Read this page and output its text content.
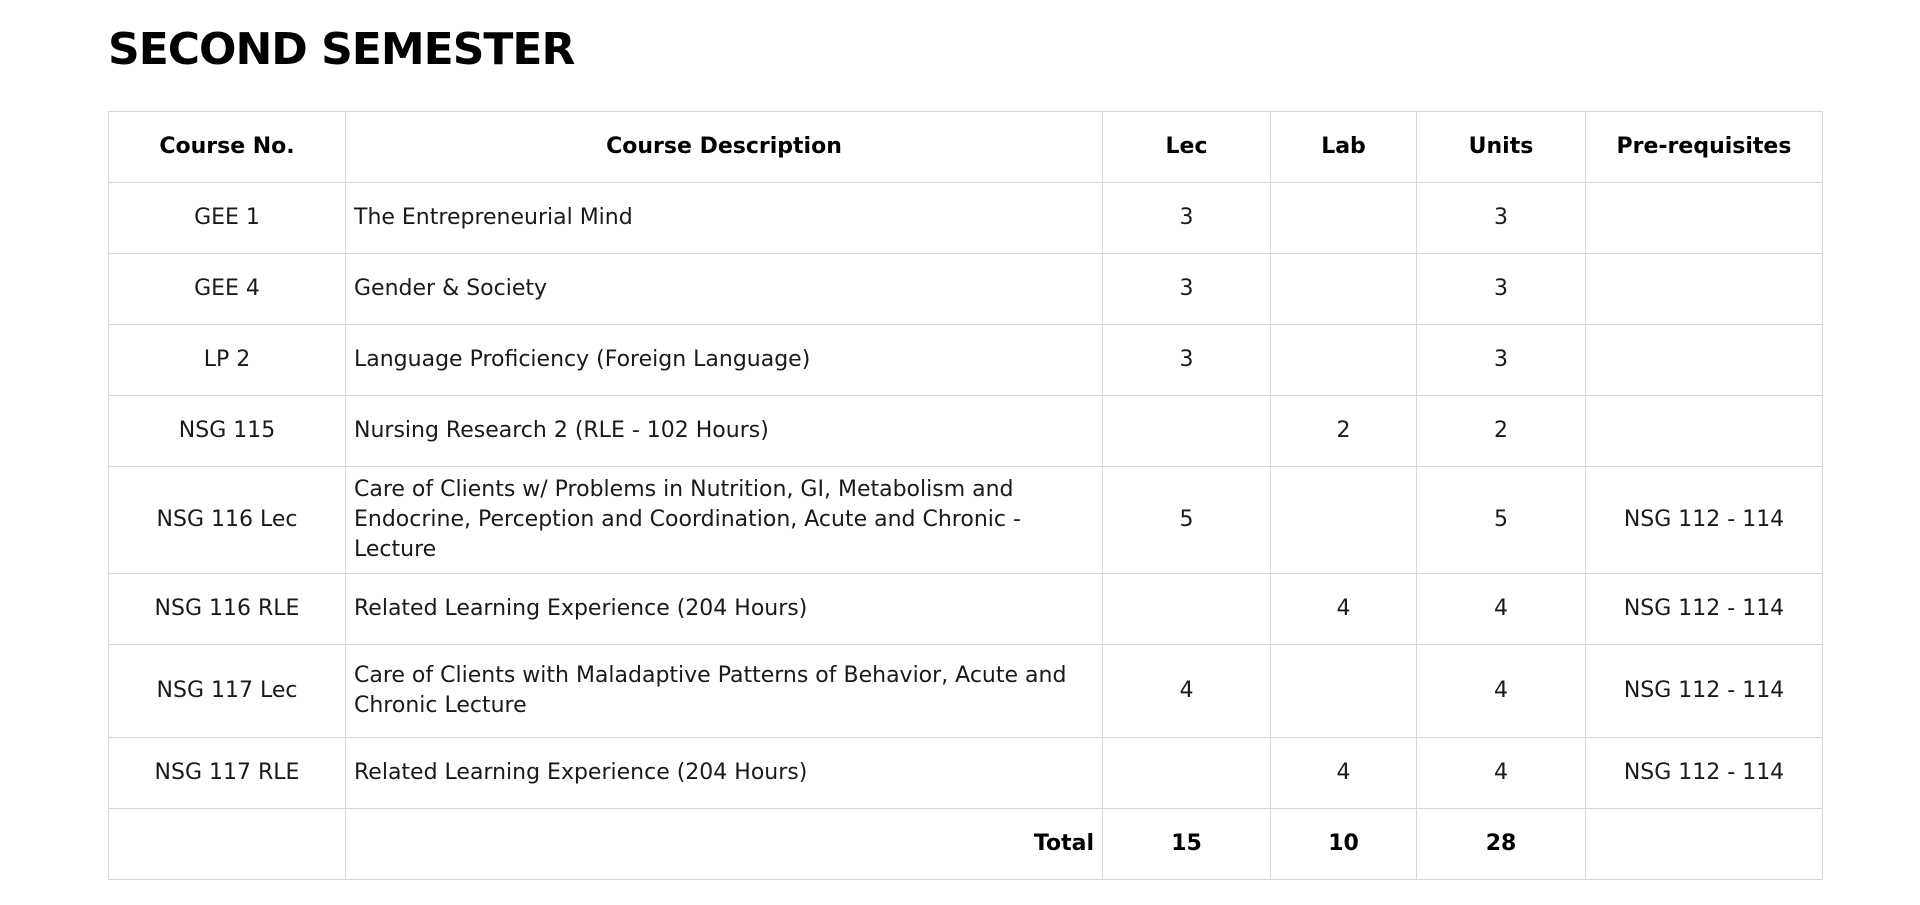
SECOND SEMESTER
Course No.	Course Description	Lec	Lab	Units	Pre-requisites
GEE 1	The Entrepreneurial Mind	3		3	
GEE 4	Gender & Society	3		3	
LP 2	Language Proficiency (Foreign Language)	3		3	
NSG 115	Nursing Research 2 (RLE - 102 Hours)		2	2	
NSG 116 Lec	Care of Clients w/ Problems in Nutrition, GI, Metabolism and Endocrine, Perception and Coordination, Acute and Chronic - Lecture	5		5	NSG 112 - 114
NSG 116 RLE	Related Learning Experience (204 Hours)		4	4	NSG 112 - 114
NSG 117 Lec	Care of Clients with Maladaptive Patterns of Behavior, Acute and Chronic Lecture	4		4	NSG 112 - 114
NSG 117 RLE	Related Learning Experience (204 Hours)		4	4	NSG 112 - 114
	Total	15	10	28	
